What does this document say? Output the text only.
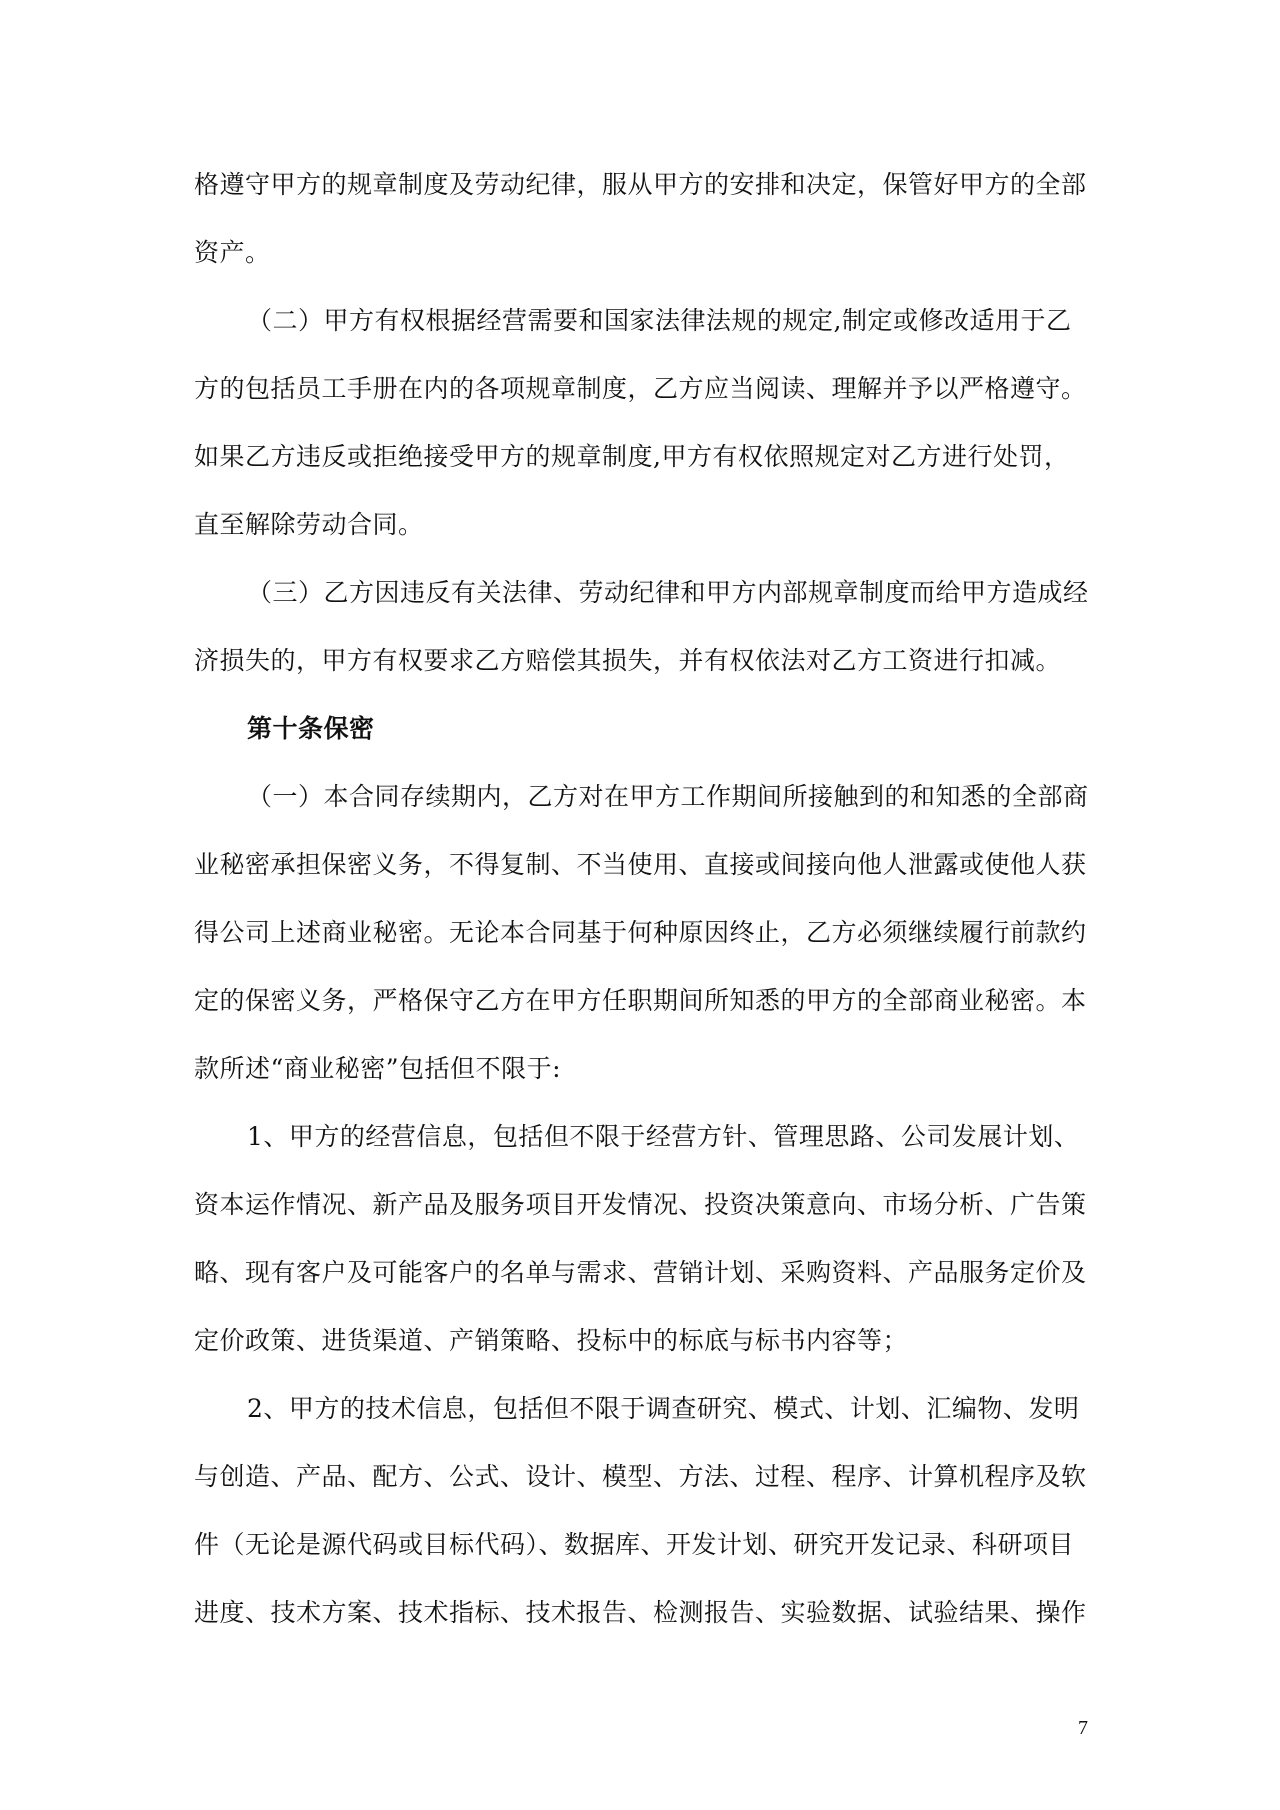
格遵守甲方的规章制度及劳动纪律，服从甲方的安排和决定，保管好甲方的全部
资产。
（二）甲方有权根据经营需要和国家法律法规的规定,制定或修改适用于乙
方的包括员工手册在内的各项规章制度，乙方应当阅读、理解并予以严格遵守。
如果乙方违反或拒绝接受甲方的规章制度,甲方有权依照规定对乙方进行处罚，
直至解除劳动合同。
（三）乙方因违反有关法律、劳动纪律和甲方内部规章制度而给甲方造成经
济损失的，甲方有权要求乙方赔偿其损失，并有权依法对乙方工资进行扣减。
第十条保密
（一）本合同存续期内，乙方对在甲方工作期间所接触到的和知悉的全部商
业秘密承担保密义务，不得复制、不当使用、直接或间接向他人泄露或使他人获
得公司上述商业秘密。无论本合同基于何种原因终止，乙方必须继续履行前款约
定的保密义务，严格保守乙方在甲方任职期间所知悉的甲方的全部商业秘密。本
款所述“商业秘密”包括但不限于:
1、甲方的经营信息，包括但不限于经营方针、管理思路、公司发展计划、
资本运作情况、新产品及服务项目开发情况、投资决策意向、市场分析、广告策
略、现有客户及可能客户的名单与需求、营销计划、采购资料、产品服务定价及
定价政策、进货渠道、产销策略、投标中的标底与标书内容等；
2、甲方的技术信息，包括但不限于调查研究、模式、计划、汇编物、发明
与创造、产品、配方、公式、设计、模型、方法、过程、程序、计算机程序及软
件（无论是源代码或目标代码）、数据库、开发计划、研究开发记录、科研项目
进度、技术方案、技术指标、技术报告、检测报告、实验数据、试验结果、操作
7
